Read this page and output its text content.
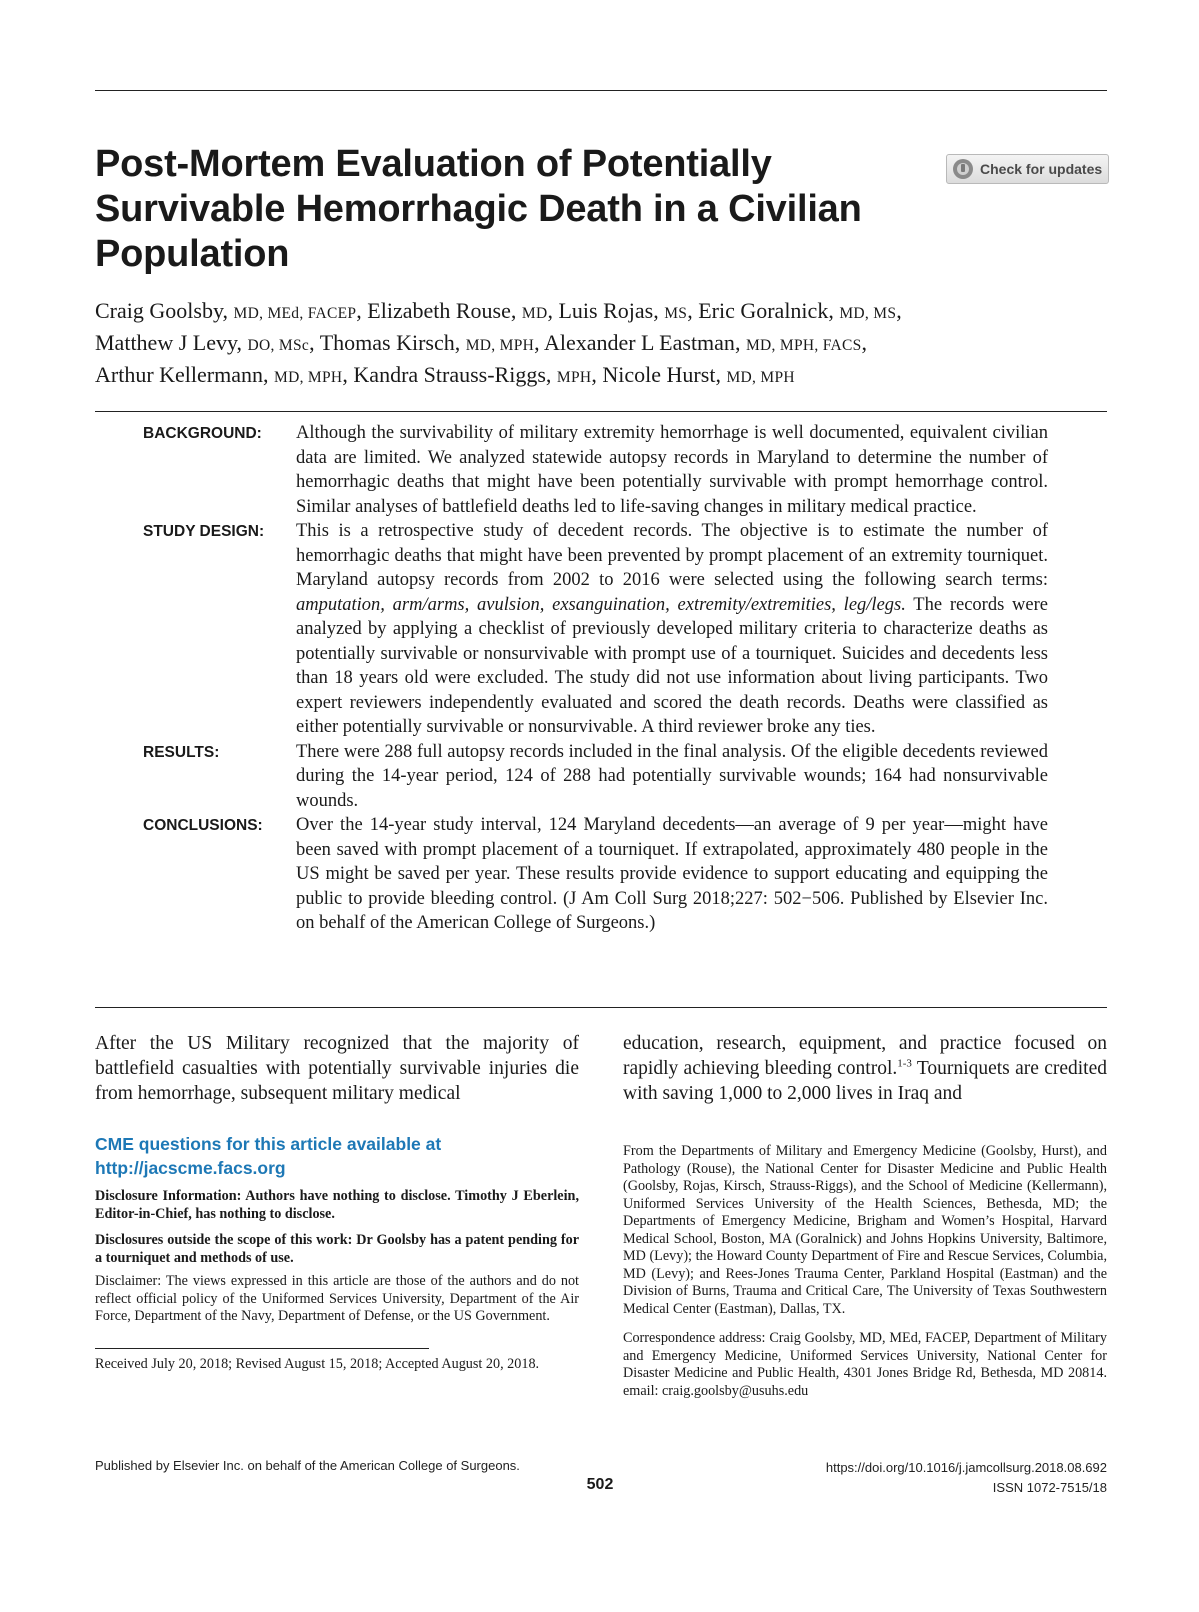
Post-Mortem Evaluation of Potentially Survivable Hemorrhagic Death in a Civilian Population
Check for updates

Craig Goolsby, MD, MEd, FACEP, Elizabeth Rouse, MD, Luis Rojas, MS, Eric Goralnick, MD, MS,
Matthew J Levy, DO, MSc, Thomas Kirsch, MD, MPH, Alexander L Eastman, MD, MPH, FACS,
Arthur Kellermann, MD, MPH, Kandra Strauss-Riggs, MPH, Nicole Hurst, MD, MPH

BACKGROUND:	Although the survivability of military extremity hemorrhage is well documented, equivalent civilian data are limited. We analyzed statewide autopsy records in Maryland to determine the number of hemorrhagic deaths that might have been potentially survivable with prompt hemorrhage control. Similar analyses of battlefield deaths led to life-saving changes in military medical practice.

STUDY DESIGN:	This is a retrospective study of decedent records. The objective is to estimate the number of hemorrhagic deaths that might have been prevented by prompt placement of an extremity tourniquet. Maryland autopsy records from 2002 to 2016 were selected using the following search terms: amputation, arm/arms, avulsion, exsanguination, extremity/extremities, leg/legs. The records were analyzed by applying a checklist of previously developed military criteria to characterize deaths as potentially survivable or nonsurvivable with prompt use of a tourniquet. Suicides and decedents less than 18 years old were excluded. The study did not use information about living participants. Two expert reviewers independently evaluated and scored the death records. Deaths were classified as either potentially survivable or nonsurvivable. A third reviewer broke any ties.

RESULTS:	There were 288 full autopsy records included in the final analysis. Of the eligible decedents reviewed during the 14-year period, 124 of 288 had potentially survivable wounds; 164 had nonsurvivable wounds.

CONCLUSIONS:	Over the 14-year study interval, 124 Maryland decedents—an average of 9 per year—might have been saved with prompt placement of a tourniquet. If extrapolated, approximately 480 people in the US might be saved per year. These results provide evidence to support educating and equipping the public to provide bleeding control. (J Am Coll Surg 2018;227: 502−506. Published by Elsevier Inc. on behalf of the American College of Surgeons.)

After the US Military recognized that the majority of battlefield casualties with potentially survivable injuries die from hemorrhage, subsequent military medical

education, research, equipment, and practice focused on rapidly achieving bleeding control.$^{1-3}$ Tourniquets are credited with saving 1,000 to 2,000 lives in Iraq and

CME questions for this article available at
http://jacscme.facs.org

Disclosure Information: Authors have nothing to disclose. Timothy J Eberlein, Editor-in-Chief, has nothing to disclose.

Disclosures outside the scope of this work: Dr Goolsby has a patent pending for a tourniquet and methods of use.

Disclaimer: The views expressed in this article are those of the authors and do not reflect official policy of the Uniformed Services University, Department of the Air Force, Department of the Navy, Department of Defense, or the US Government.

Received July 20, 2018; Revised August 15, 2018; Accepted August 20, 2018.

From the Departments of Military and Emergency Medicine (Goolsby, Hurst), and Pathology (Rouse), the National Center for Disaster Medicine and Public Health (Goolsby, Rojas, Kirsch, Strauss-Riggs), and the School of Medicine (Kellermann), Uniformed Services University of the Health Sciences, Bethesda, MD; the Departments of Emergency Medicine, Brigham and Women’s Hospital, Harvard Medical School, Boston, MA (Goralnick) and Johns Hopkins University, Baltimore, MD (Levy); the Howard County Department of Fire and Rescue Services, Columbia, MD (Levy); and Rees-Jones Trauma Center, Parkland Hospital (Eastman) and the Division of Burns, Trauma and Critical Care, The University of Texas Southwestern Medical Center (Eastman), Dallas, TX.

Correspondence address: Craig Goolsby, MD, MEd, FACEP, Department of Military and Emergency Medicine, Uniformed Services University, National Center for Disaster Medicine and Public Health, 4301 Jones Bridge Rd, Bethesda, MD 20814. email: craig.goolsby@usuhs.edu

Published by Elsevier Inc. on behalf of the American College of Surgeons.
502
https://doi.org/10.1016/j.jamcollsurg.2018.08.692
ISSN 1072-7515/18
